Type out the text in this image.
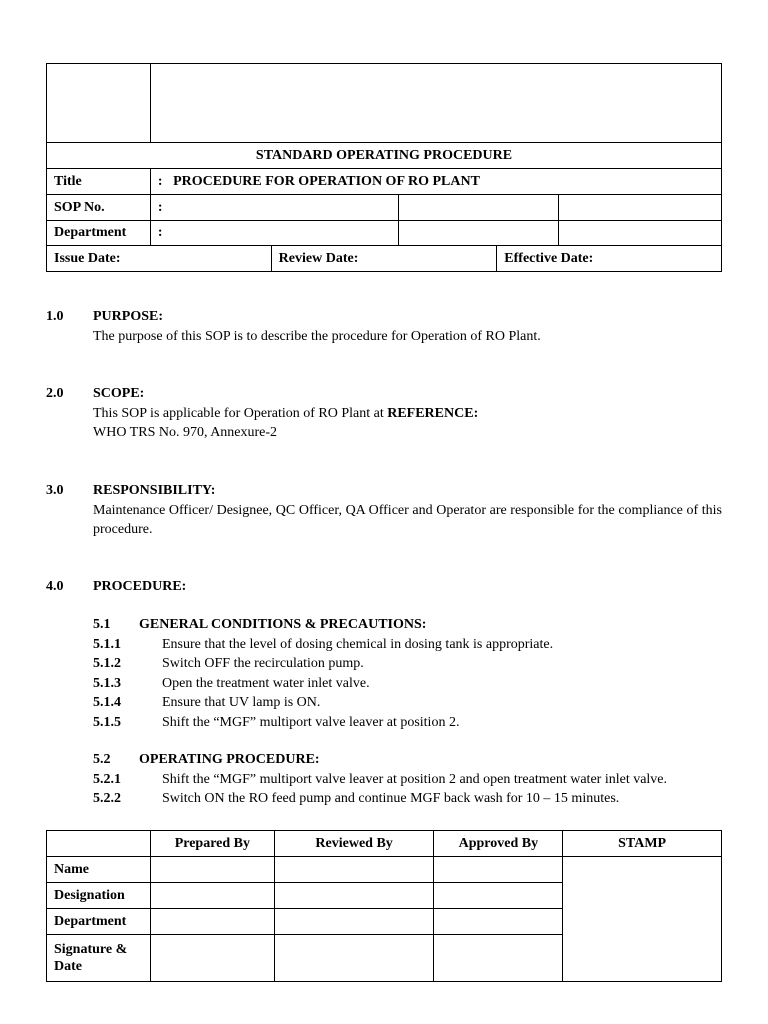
STANDARD OPERATING PROCEDURE					
Title	:   PROCEDURE FOR OPERATION OF RO PLANT				
SOP No.	:				
Department	:				
Issue Date:		Review Date:		Effective Date:	
1.0 PURPOSE:
The purpose of this SOP is to describe the procedure for Operation of RO Plant.
2.0 SCOPE:
This SOP is applicable for Operation of RO Plant at REFERENCE:
WHO TRS No. 970, Annexure-2
3.0 RESPONSIBILITY:
Maintenance Officer/ Designee, QC Officer, QA Officer and Operator are responsible for the compliance of this procedure.
4.0 PROCEDURE:
5.1 GENERAL CONDITIONS & PRECAUTIONS:
5.1.1	Ensure that the level of dosing chemical in dosing tank is appropriate.
5.1.2	Switch OFF the recirculation pump.
5.1.3	Open the treatment water inlet valve.
5.1.4	Ensure that UV lamp is ON.
5.1.5	Shift the “MGF” multiport valve leaver at position 2.
5.2 OPERATING PROCEDURE:
5.2.1	Shift the “MGF” multiport valve leaver at position 2 and open treatment water inlet valve.
5.2.2	Switch ON the RO feed pump and continue MGF back wash for 10 – 15 minutes.
	Prepared By	Reviewed By	Approved By	STAMP
Name				
Designation				
Department				
Signature & Date				
